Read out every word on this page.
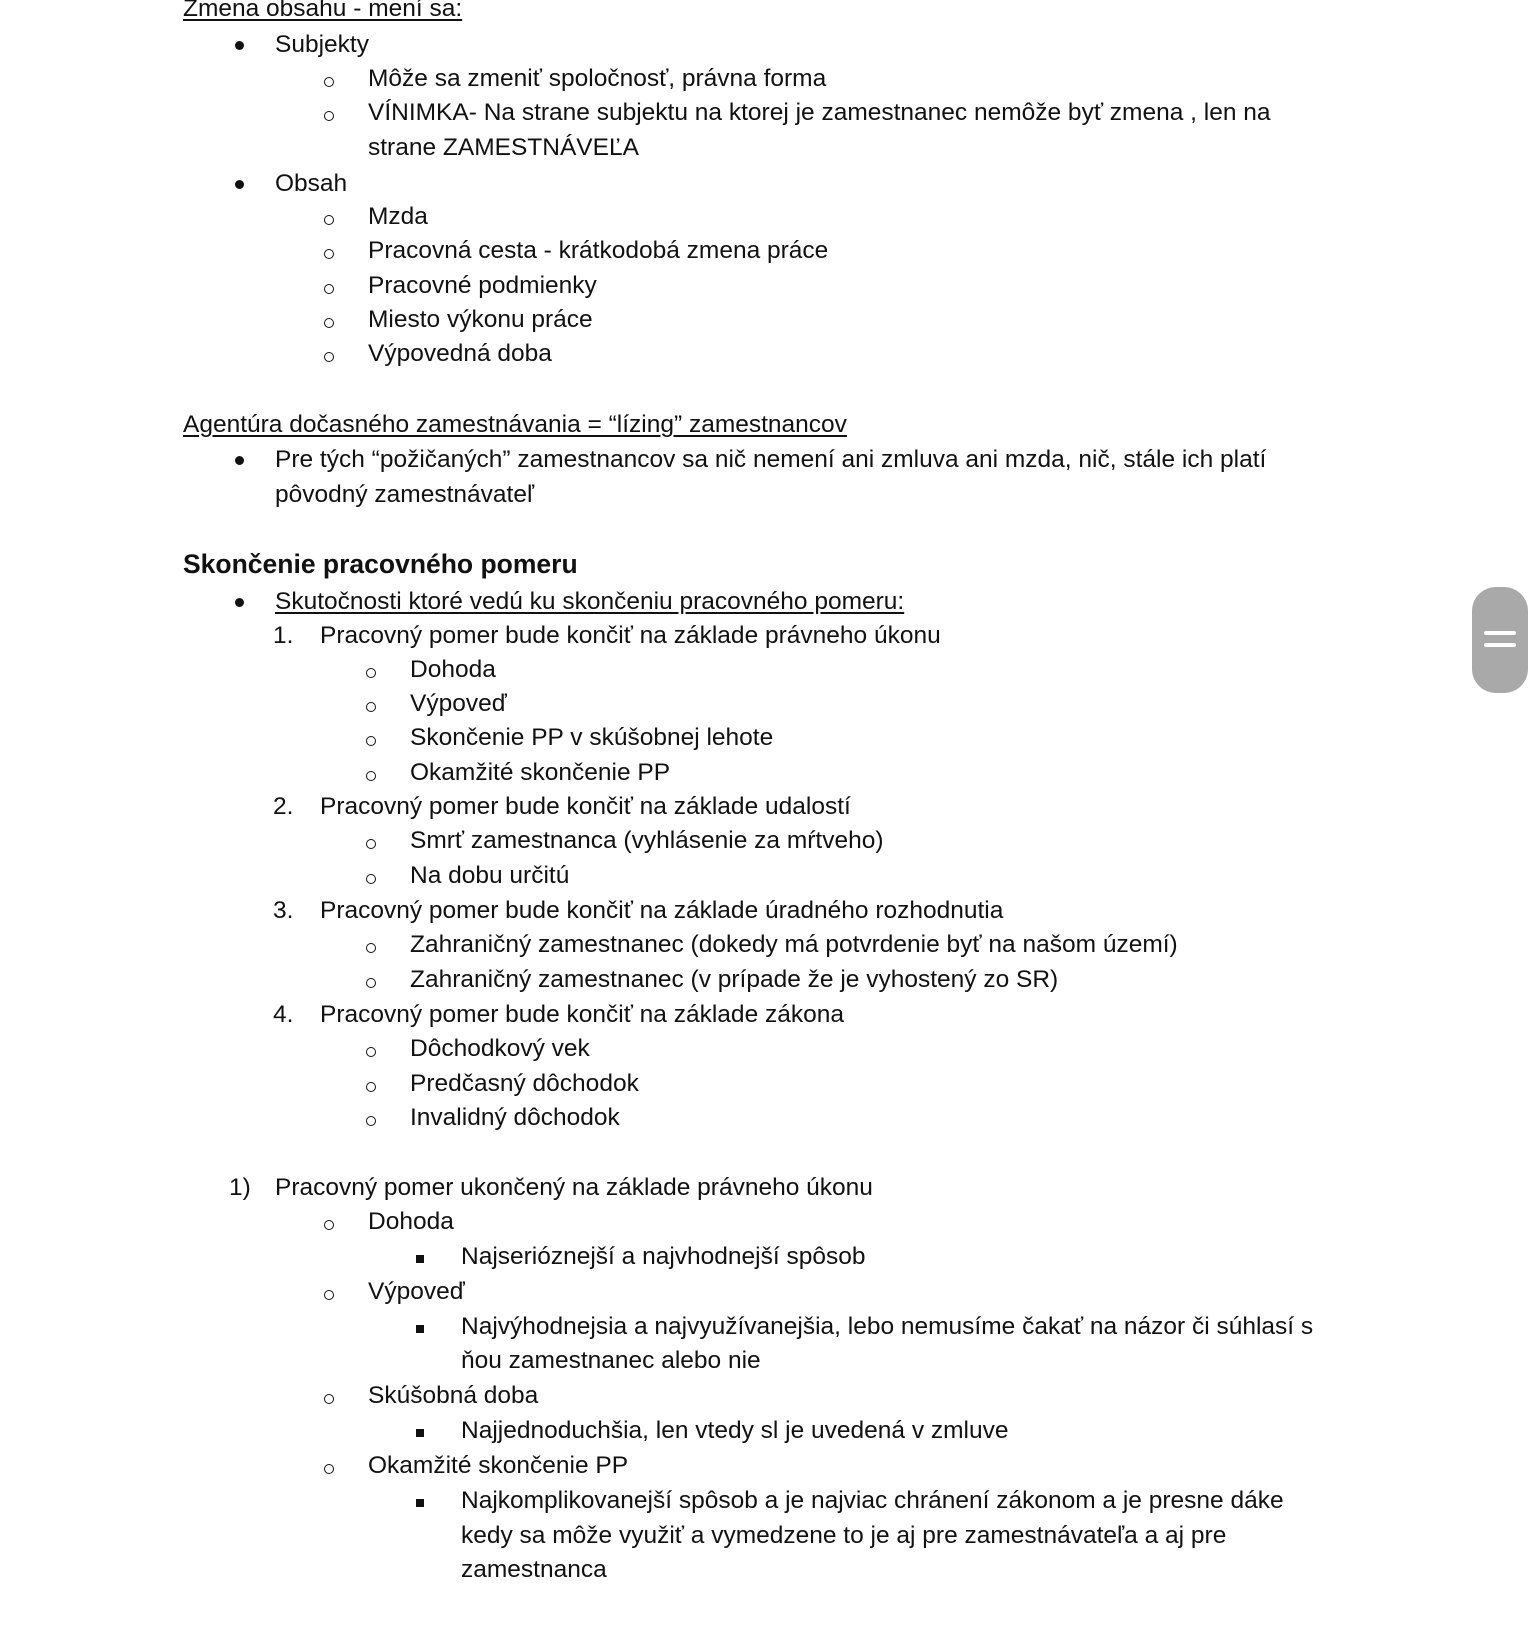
Zmena obsahu - mení sa:
Subjekty
Môže sa zmeniť spoločnosť, právna forma
VÍNIMKA- Na strane subjektu na ktorej je zamestnanec nemôže byť zmena , len na
strane ZAMESTNÁVEĽA
Obsah
Mzda
Pracovná cesta - krátkodobá zmena práce
Pracovné podmienky
Miesto výkonu práce
Výpovedná doba
Agentúra dočasného zamestnávania = “lízing” zamestnancov
Pre tých “požičaných” zamestnancov sa nič nemení ani zmluva ani mzda, nič, stále ich platí
pôvodný zamestnávateľ
Skončenie pracovného pomeru
Skutočnosti ktoré vedú ku skončeniu pracovného pomeru:
1. Pracovný pomer bude končiť na základe právneho úkonu
Dohoda
Výpoveď
Skončenie PP v skúšobnej lehote
Okamžité skončenie PP
2. Pracovný pomer bude končiť na základe udalostí
Smrť zamestnanca (vyhlásenie za mŕtveho)
Na dobu určitú
3. Pracovný pomer bude končiť na základe úradného rozhodnutia
Zahraničný zamestnanec (dokedy má potvrdenie byť na našom území)
Zahraničný zamestnanec (v prípade že je vyhostený zo SR)
4. Pracovný pomer bude končiť na základe zákona
Dôchodkový vek
Predčasný dôchodok
Invalidný dôchodok
1) Pracovný pomer ukončený na základe právneho úkonu
Dohoda
Najserióznejší a najvhodnejší spôsob
Výpoveď
Najvýhodnejsia a najvyužívanejšia, lebo nemusíme čakať na názor či súhlasí s
ňou zamestnanec alebo nie
Skúšobná doba
Najjednoduchšia, len vtedy sl je uvedená v zmluve
Okamžité skončenie PP
Najkomplikovanejší spôsob a je najviac chránení zákonom a je presne dáke
kedy sa môže využiť a vymedzene to je aj pre zamestnávateľa a aj pre
zamestnanca
